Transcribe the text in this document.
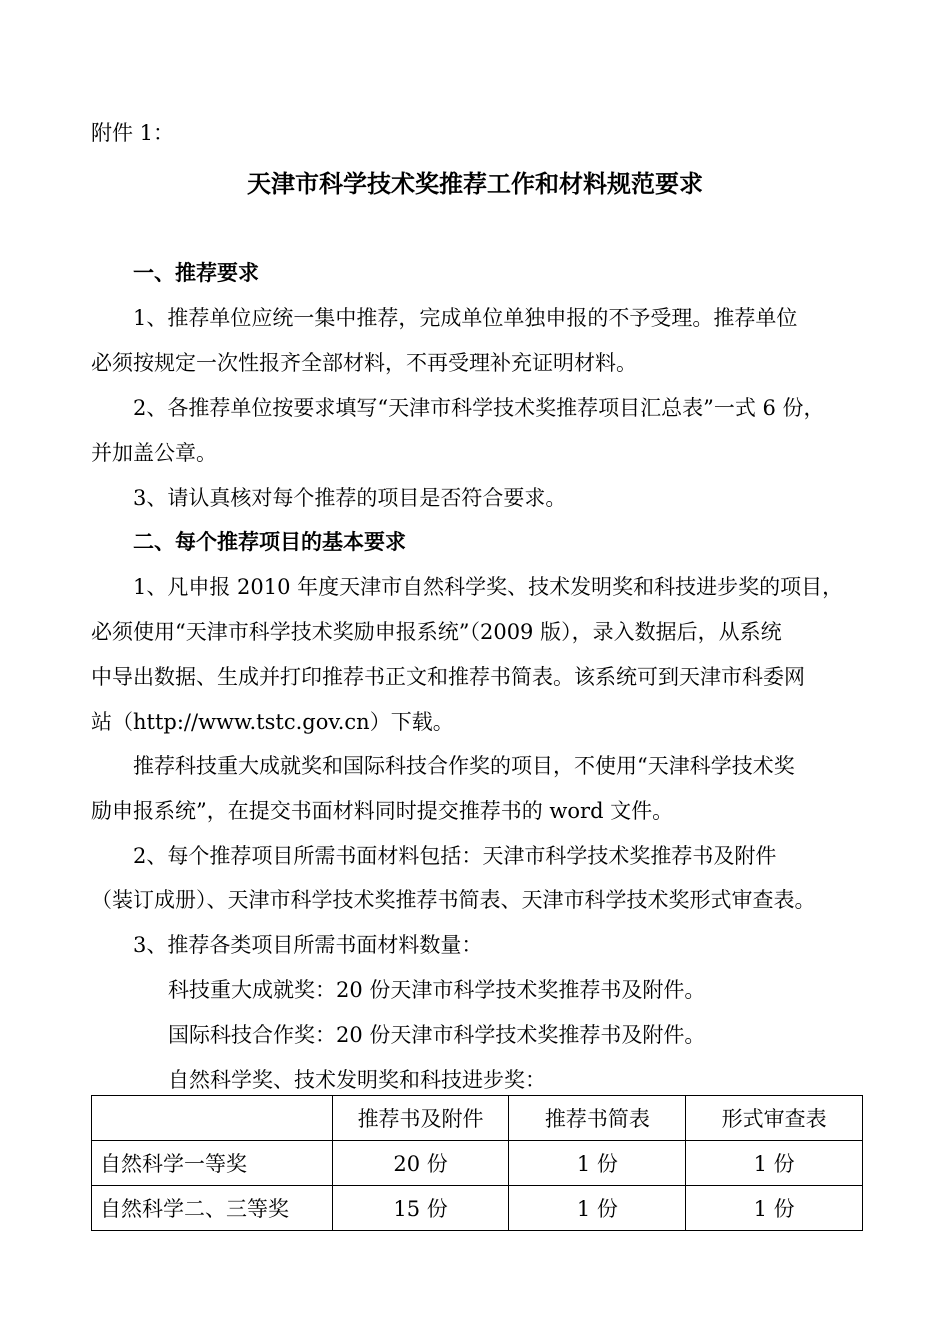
附件 1：
天津市科学技术奖推荐工作和材料规范要求
一、推荐要求
1、推荐单位应统一集中推荐，完成单位单独申报的不予受理。推荐单位
必须按规定一次性报齐全部材料，不再受理补充证明材料。
2、各推荐单位按要求填写“天津市科学技术奖推荐项目汇总表”一式 6 份，
并加盖公章。
3、请认真核对每个推荐的项目是否符合要求。
二、每个推荐项目的基本要求
1、凡申报 2010 年度天津市自然科学奖、技术发明奖和科技进步奖的项目，
必须使用“天津市科学技术奖励申报系统”（2009 版），录入数据后，从系统
中导出数据、生成并打印推荐书正文和推荐书简表。该系统可到天津市科委网
站（http://www.tstc.gov.cn）下载。
推荐科技重大成就奖和国际科技合作奖的项目，不使用“天津科学技术奖
励申报系统”，在提交书面材料同时提交推荐书的 word 文件。
2、每个推荐项目所需书面材料包括：天津市科学技术奖推荐书及附件
（装订成册）、天津市科学技术奖推荐书简表、天津市科学技术奖形式审查表。
3、推荐各类项目所需书面材料数量：
科技重大成就奖：20 份天津市科学技术奖推荐书及附件。
国际科技合作奖：20 份天津市科学技术奖推荐书及附件。
自然科学奖、技术发明奖和科技进步奖：
	推荐书及附件	推荐书简表	形式审查表
自然科学一等奖	20 份	1 份	1 份
自然科学二、三等奖	15 份	1 份	1 份
